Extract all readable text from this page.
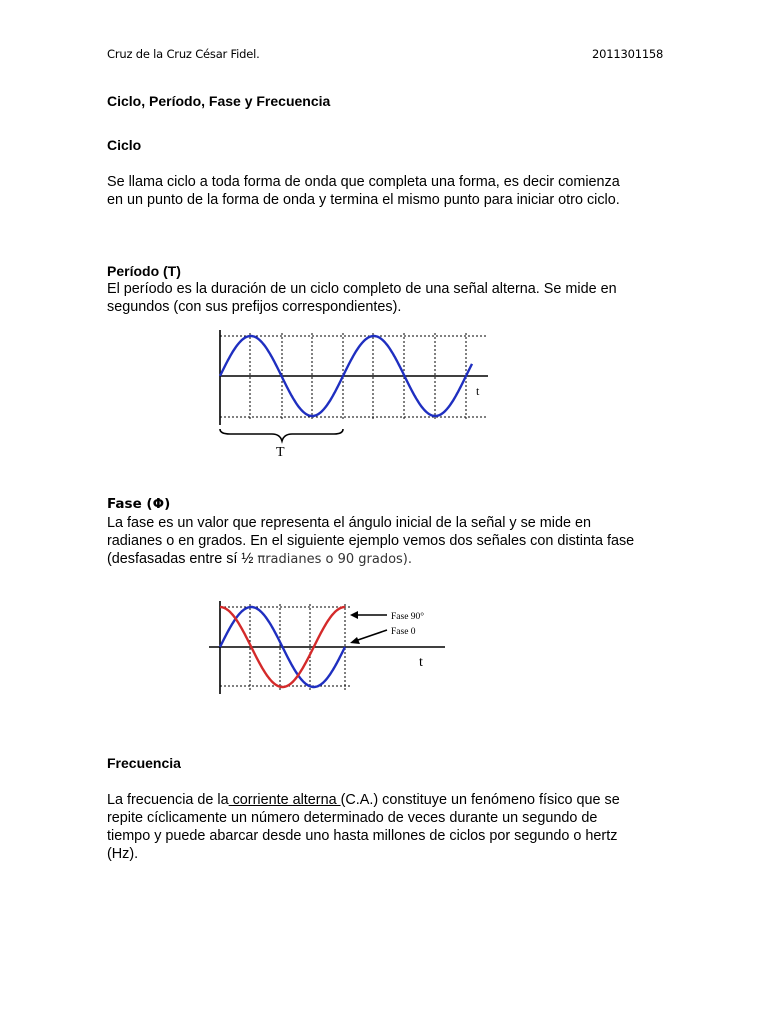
Cruz de la Cruz César Fidel.	2011301158
Ciclo, Período, Fase y Frecuencia
Ciclo
Se llama ciclo a toda forma de onda que completa una forma, es decir comienza
en un punto de la forma de onda y termina el mismo punto para iniciar otro ciclo.
Período (T)
El período es la duración de un ciclo completo de una señal alterna. Se mide en
segundos (con sus prefijos correspondientes).
t
T
Fase (Φ)
La fase es un valor que representa el ángulo inicial de la señal y se mide en
radianes o en grados. En el siguiente ejemplo vemos dos señales con distinta fase
(desfasadas entre sí ½ πradianes o 90 grados).
Fase 90°
Fase 0
t
Frecuencia
La frecuencia de la corriente alterna (C.A.) constituye un fenómeno físico que se
repite cíclicamente un número determinado de veces durante un segundo de
tiempo y puede abarcar desde uno hasta millones de ciclos por segundo o hertz
(Hz).
